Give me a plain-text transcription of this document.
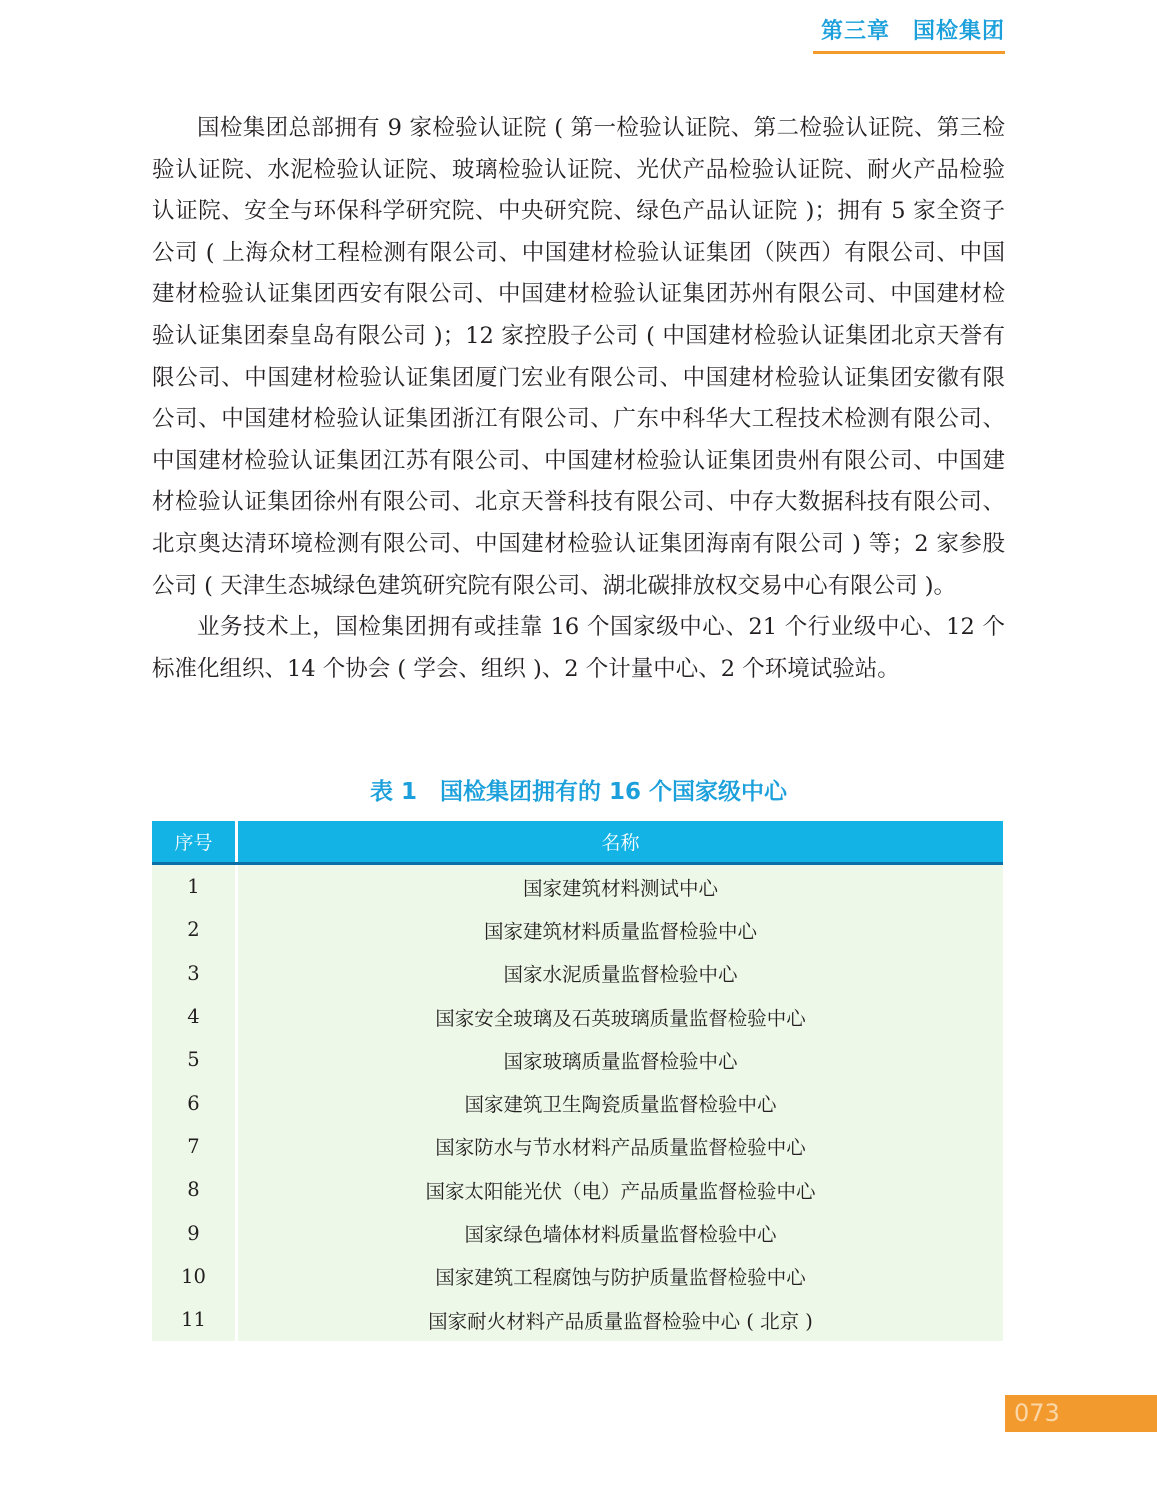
第三章　国检集团

国检集团总部拥有 9 家检验认证院 ( 第一检验认证院、第二检验认证院、第三检验认证院、水泥检验认证院、玻璃检验认证院、光伏产品检验认证院、耐火产品检验认证院、安全与环保科学研究院、中央研究院、绿色产品认证院 )；拥有 5 家全资子公司 ( 上海众材工程检测有限公司、中国建材检验认证集团（陕西）有限公司、中国建材检验认证集团西安有限公司、中国建材检验认证集团苏州有限公司、中国建材检验认证集团秦皇岛有限公司 )；12 家控股子公司 ( 中国建材检验认证集团北京天誉有限公司、中国建材检验认证集团厦门宏业有限公司、中国建材检验认证集团安徽有限公司、中国建材检验认证集团浙江有限公司、广东中科华大工程技术检测有限公司、中国建材检验认证集团江苏有限公司、中国建材检验认证集团贵州有限公司、中国建材检验认证集团徐州有限公司、北京天誉科技有限公司、中存大数据科技有限公司、北京奥达清环境检测有限公司、中国建材检验认证集团海南有限公司 ) 等；2 家参股公司 ( 天津生态城绿色建筑研究院有限公司、湖北碳排放权交易中心有限公司 )。

业务技术上，国检集团拥有或挂靠 16 个国家级中心、21 个行业级中心、12 个标准化组织、14 个协会 ( 学会、组织 )、2 个计量中心、2 个环境试验站。

表 1　国检集团拥有的 16 个国家级中心
序号	名称
1	国家建筑材料测试中心
2	国家建筑材料质量监督检验中心
3	国家水泥质量监督检验中心
4	国家安全玻璃及石英玻璃质量监督检验中心
5	国家玻璃质量监督检验中心
6	国家建筑卫生陶瓷质量监督检验中心
7	国家防水与节水材料产品质量监督检验中心
8	国家太阳能光伏（电）产品质量监督检验中心
9	国家绿色墙体材料质量监督检验中心
10	国家建筑工程腐蚀与防护质量监督检验中心
11	国家耐火材料产品质量监督检验中心 ( 北京 )
073
